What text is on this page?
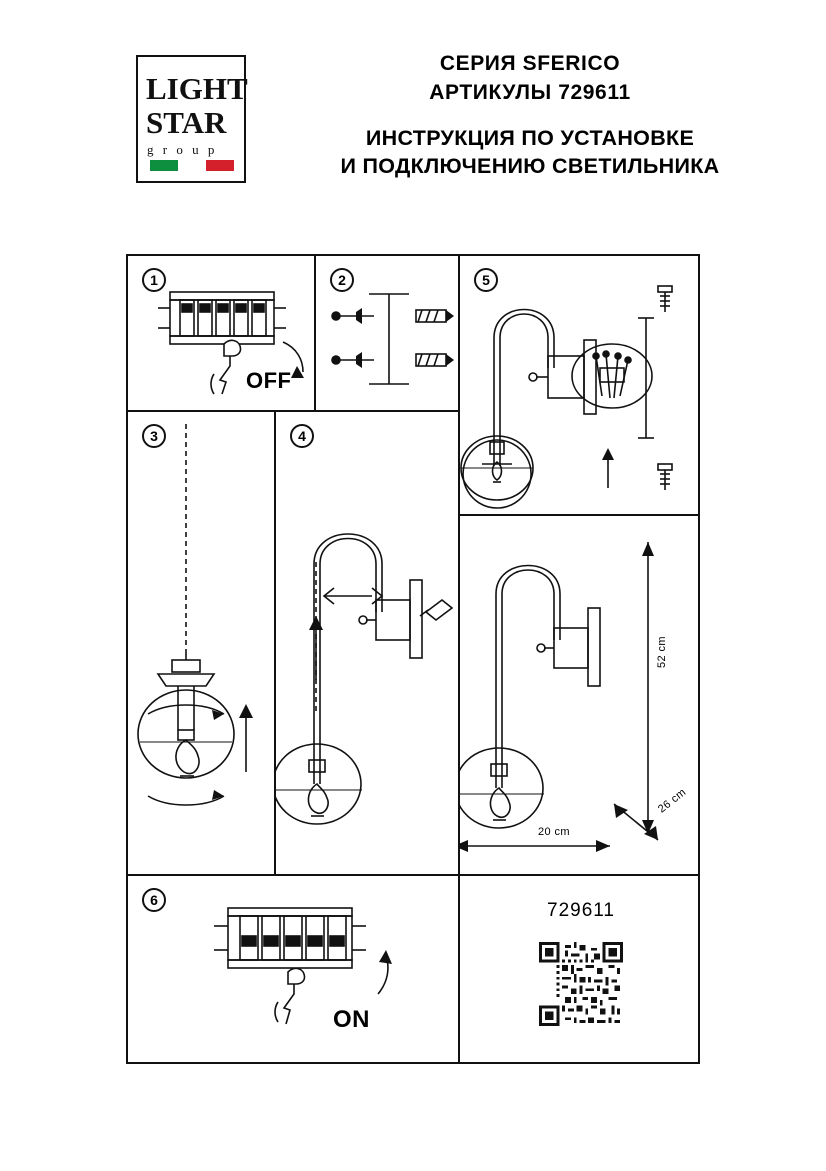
LIGHT
STAR
g r o u p
СЕРИЯ SFERICO
АРТИКУЛЫ 729611
ИНСТРУКЦИЯ ПО УСТАНОВКЕ
И ПОДКЛЮЧЕНИЮ СВЕТИЛЬНИКА
1
OFF
2	5
3	4
20 cm
52 cm
26 cm
6
ON
729611
